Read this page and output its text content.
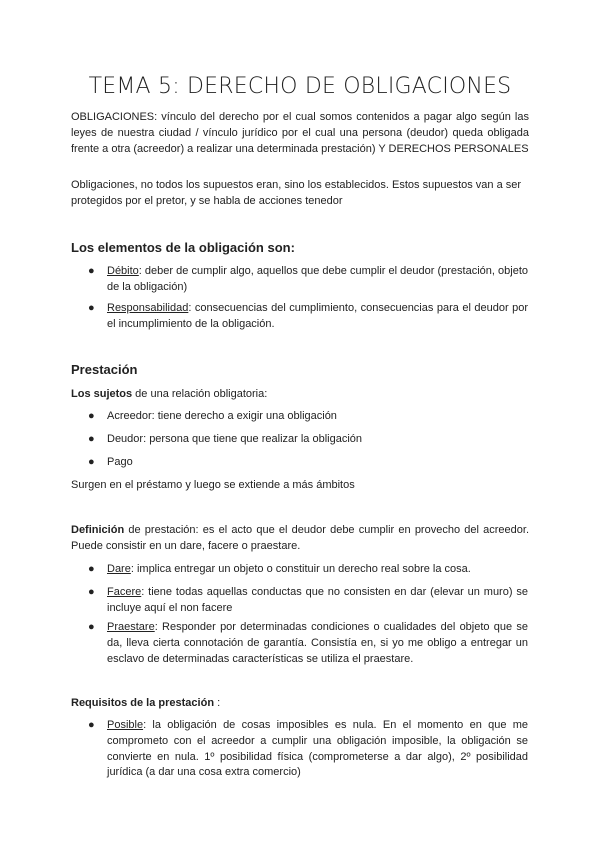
TEMA 5: DERECHO DE OBLIGACIONES
OBLIGACIONES: vínculo del derecho por el cual somos contenidos a pagar algo según las leyes de nuestra ciudad / vínculo jurídico por el cual una persona (deudor) queda obligada frente a otra (acreedor) a realizar una determinada prestación) Y DERECHOS PERSONALES
Obligaciones, no todos los supuestos eran, sino los establecidos. Estos supuestos van a ser protegidos por el pretor, y se habla de acciones tenedor
Los elementos de la obligación son:
● Débito: deber de cumplir algo, aquellos que debe cumplir el deudor (prestación, objeto de la obligación)
● Responsabilidad: consecuencias del cumplimiento, consecuencias para el deudor por el incumplimiento de la obligación.
Prestación
Los sujetos de una relación obligatoria:
● Acreedor: tiene derecho a exigir una obligación
● Deudor: persona que tiene que realizar la obligación
● Pago
Surgen en el préstamo y luego se extiende a más ámbitos
Definición de prestación: es el acto que el deudor debe cumplir en provecho del acreedor. Puede consistir en un dare, facere o praestare.
● Dare: implica entregar un objeto o constituir un derecho real sobre la cosa.
● Facere: tiene todas aquellas conductas que no consisten en dar (elevar un muro) se incluye aquí el non facere
● Praestare: Responder por determinadas condiciones o cualidades del objeto que se da, lleva cierta connotación de garantía. Consistía en, si yo me obligo a entregar un esclavo de determinadas características se utiliza el praestare.
Requisitos de la prestación :
● Posible: la obligación de cosas imposibles es nula. En el momento en que me comprometo con el acreedor a cumplir una obligación imposible, la obligación se convierte en nula. 1º posibilidad física (comprometerse a dar algo), 2º posibilidad jurídica (a dar una cosa extra comercio)
